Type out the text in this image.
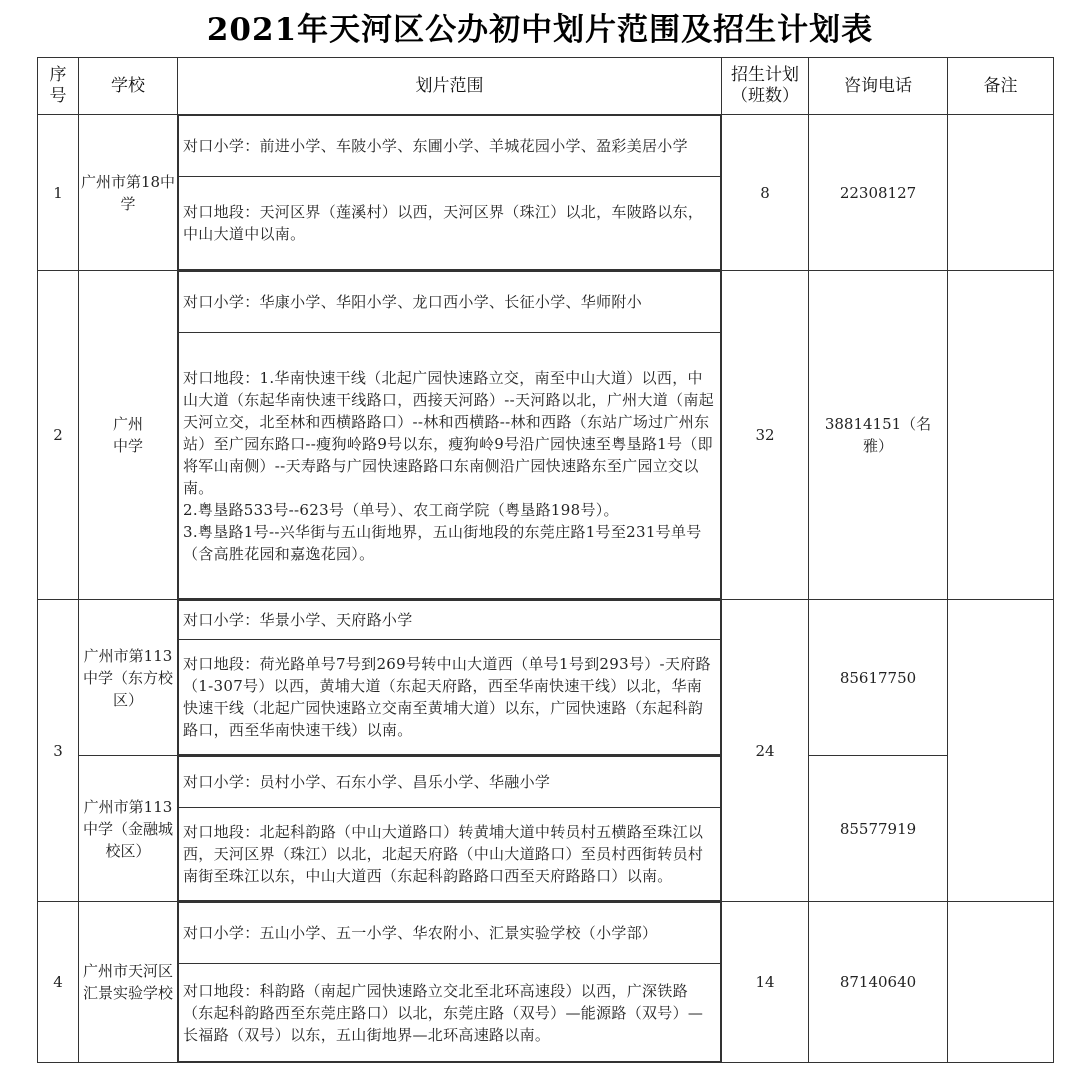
2021年天河区公办初中划片范围及招生计划表
序号	学校	划片范围	招生计划（班数）	咨询电话	备注
1	广州市第18中学	对口小学：前进小学、车陂小学、东圃小学、羊城花园小学、盈彩美居小学

对口地段：天河区界（莲溪村）以西，天河区界（珠江）以北，车陂路以东，中山大道中以南。	8	22308127	
2	广州中学	对口小学：华康小学、华阳小学、龙口西小学、长征小学、华师附小

对口地段：1.华南快速干线（北起广园快速路立交，南至中山大道）以西，中山大道（东起华南快速干线路口，西接天河路）--天河路以北，广州大道（南起天河立交，北至林和西横路路口）--林和西横路--林和西路（东站广场过广州东站）至广园东路口--瘦狗岭路9号以东，瘦狗岭9号沿广园快速至粤垦路1号（即将军山南侧）--天寿路与广园快速路路口东南侧沿广园快速路东至广园立交以南。
2.粤垦路533号--623号（单号）、农工商学院（粤垦路198号）。
3.粤垦路1号--兴华街与五山街地界，五山街地段的东莞庄路1号至231号单号（含高胜花园和嘉逸花园）。	32	38814151（名雅）	
3	广州市第113中学（东方校区）	对口小学：华景小学、天府路小学

对口地段：荷光路单号7号到269号转中山大道西（单号1号到293号）-天府路（1-307号）以西，黄埔大道（东起天府路，西至华南快速干线）以北，华南快速干线（北起广园快速路立交南至黄埔大道）以东，广园快速路（东起科韵路口，西至华南快速干线）以南。	24	85617750	
	广州市第113中学（金融城校区）	对口小学：员村小学、石东小学、昌乐小学、华融小学

对口地段：北起科韵路（中山大道路口）转黄埔大道中转员村五横路至珠江以西，天河区界（珠江）以北，北起天府路（中山大道路口）至员村西街转员村南街至珠江以东，中山大道西（东起科韵路路口西至天府路路口）以南。		85577919	
4	广州市天河区汇景实验学校	对口小学：五山小学、五一小学、华农附小、汇景实验学校（小学部）

对口地段：科韵路（南起广园快速路立交北至北环高速段）以西，广深铁路（东起科韵路西至东莞庄路口）以北，东莞庄路（双号）—能源路（双号）—长福路（双号）以东，五山街地界—北环高速路以南。	14	87140640	
